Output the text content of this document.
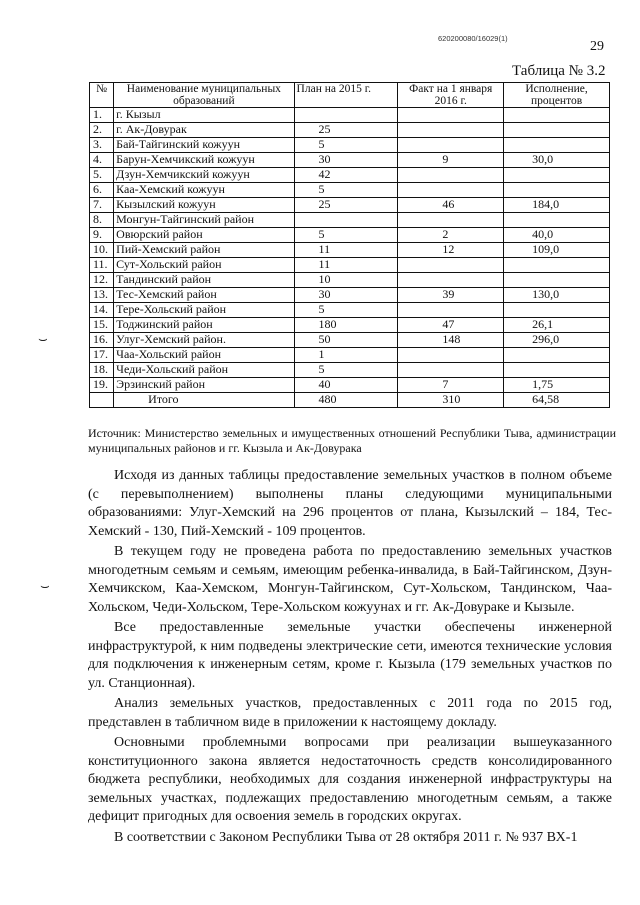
620200080/16029(1)
29
Таблица № 3.2
№	Наименование муниципальных образований	План на 2015 г.	Факт на 1 января 2016 г.	Исполнение, процентов
1.	г. Кызыл			
2.	г. Ак-Довурак	25		
3.	Бай-Тайгинский кожуун	5		
4.	Барун-Хемчикский кожуун	30	9	30,0
5.	Дзун-Хемчикский кожуун	42		
6.	Каа-Хемский кожуун	5		
7.	Кызылский кожуун	25	46	184,0
8.	Монгун-Тайгинский район			
9.	Овюрский район	5	2	40,0
10.	Пий-Хемский район	11	12	109,0
11.	Сут-Хольский район	11		
12.	Тандинский район	10		
13.	Тес-Хемский район	30	39	130,0
14.	Тере-Хольский район	5		
15.	Тоджинский район	180	47	26,1
16.	Улуг-Хемский район.	50	148	296,0
17.	Чаа-Хольский район	1		
18.	Чеди-Хольский район	5		
19.	Эрзинский район	40	7	1,75
	Итого	480	310	64,58
Источник: Министерство земельных и имущественных отношений Республики Тыва, администрации муниципальных районов и гг. Кызыла и Ак-Довурака

Исходя из данных таблицы предоставление земельных участков в полном объеме (с перевыполнением) выполнены планы следующими муниципальными образованиями: Улуг-Хемский на 296 процентов от плана, Кызылский – 184, Тес-Хемский - 130, Пий-Хемский - 109 процентов.

В текущем году не проведена работа по предоставлению земельных участков многодетным семьям и семьям, имеющим ребенка-инвалида, в Бай-Тайгинском, Дзун-Хемчикском, Каа-Хемском, Монгун-Тайгинском, Сут-Хольском, Тандинском, Чаа-Хольском, Чеди-Хольском, Тере-Хольском кожуунах и гг. Ак-Довураке и Кызыле.

Все предоставленные земельные участки обеспечены инженерной инфраструктурой, к ним подведены электрические сети, имеются технические условия для подключения к инженерным сетям, кроме г. Кызыла (179 земельных участков по ул. Станционная).

Анализ земельных участков, предоставленных с 2011 года по 2015 год, представлен в табличном виде в приложении к настоящему докладу.

Основными проблемными вопросами при реализации вышеуказанного конституционного закона является недостаточность средств консолидированного бюджета республики, необходимых для создания инженерной инфраструктуры на земельных участках, подлежащих предоставлению многодетным семьям, а также дефицит пригодных для освоения земель в городских округах.

В соответствии с Законом Республики Тыва от 28 октября 2011 г. № 937 ВХ-1

⌣
⌣
